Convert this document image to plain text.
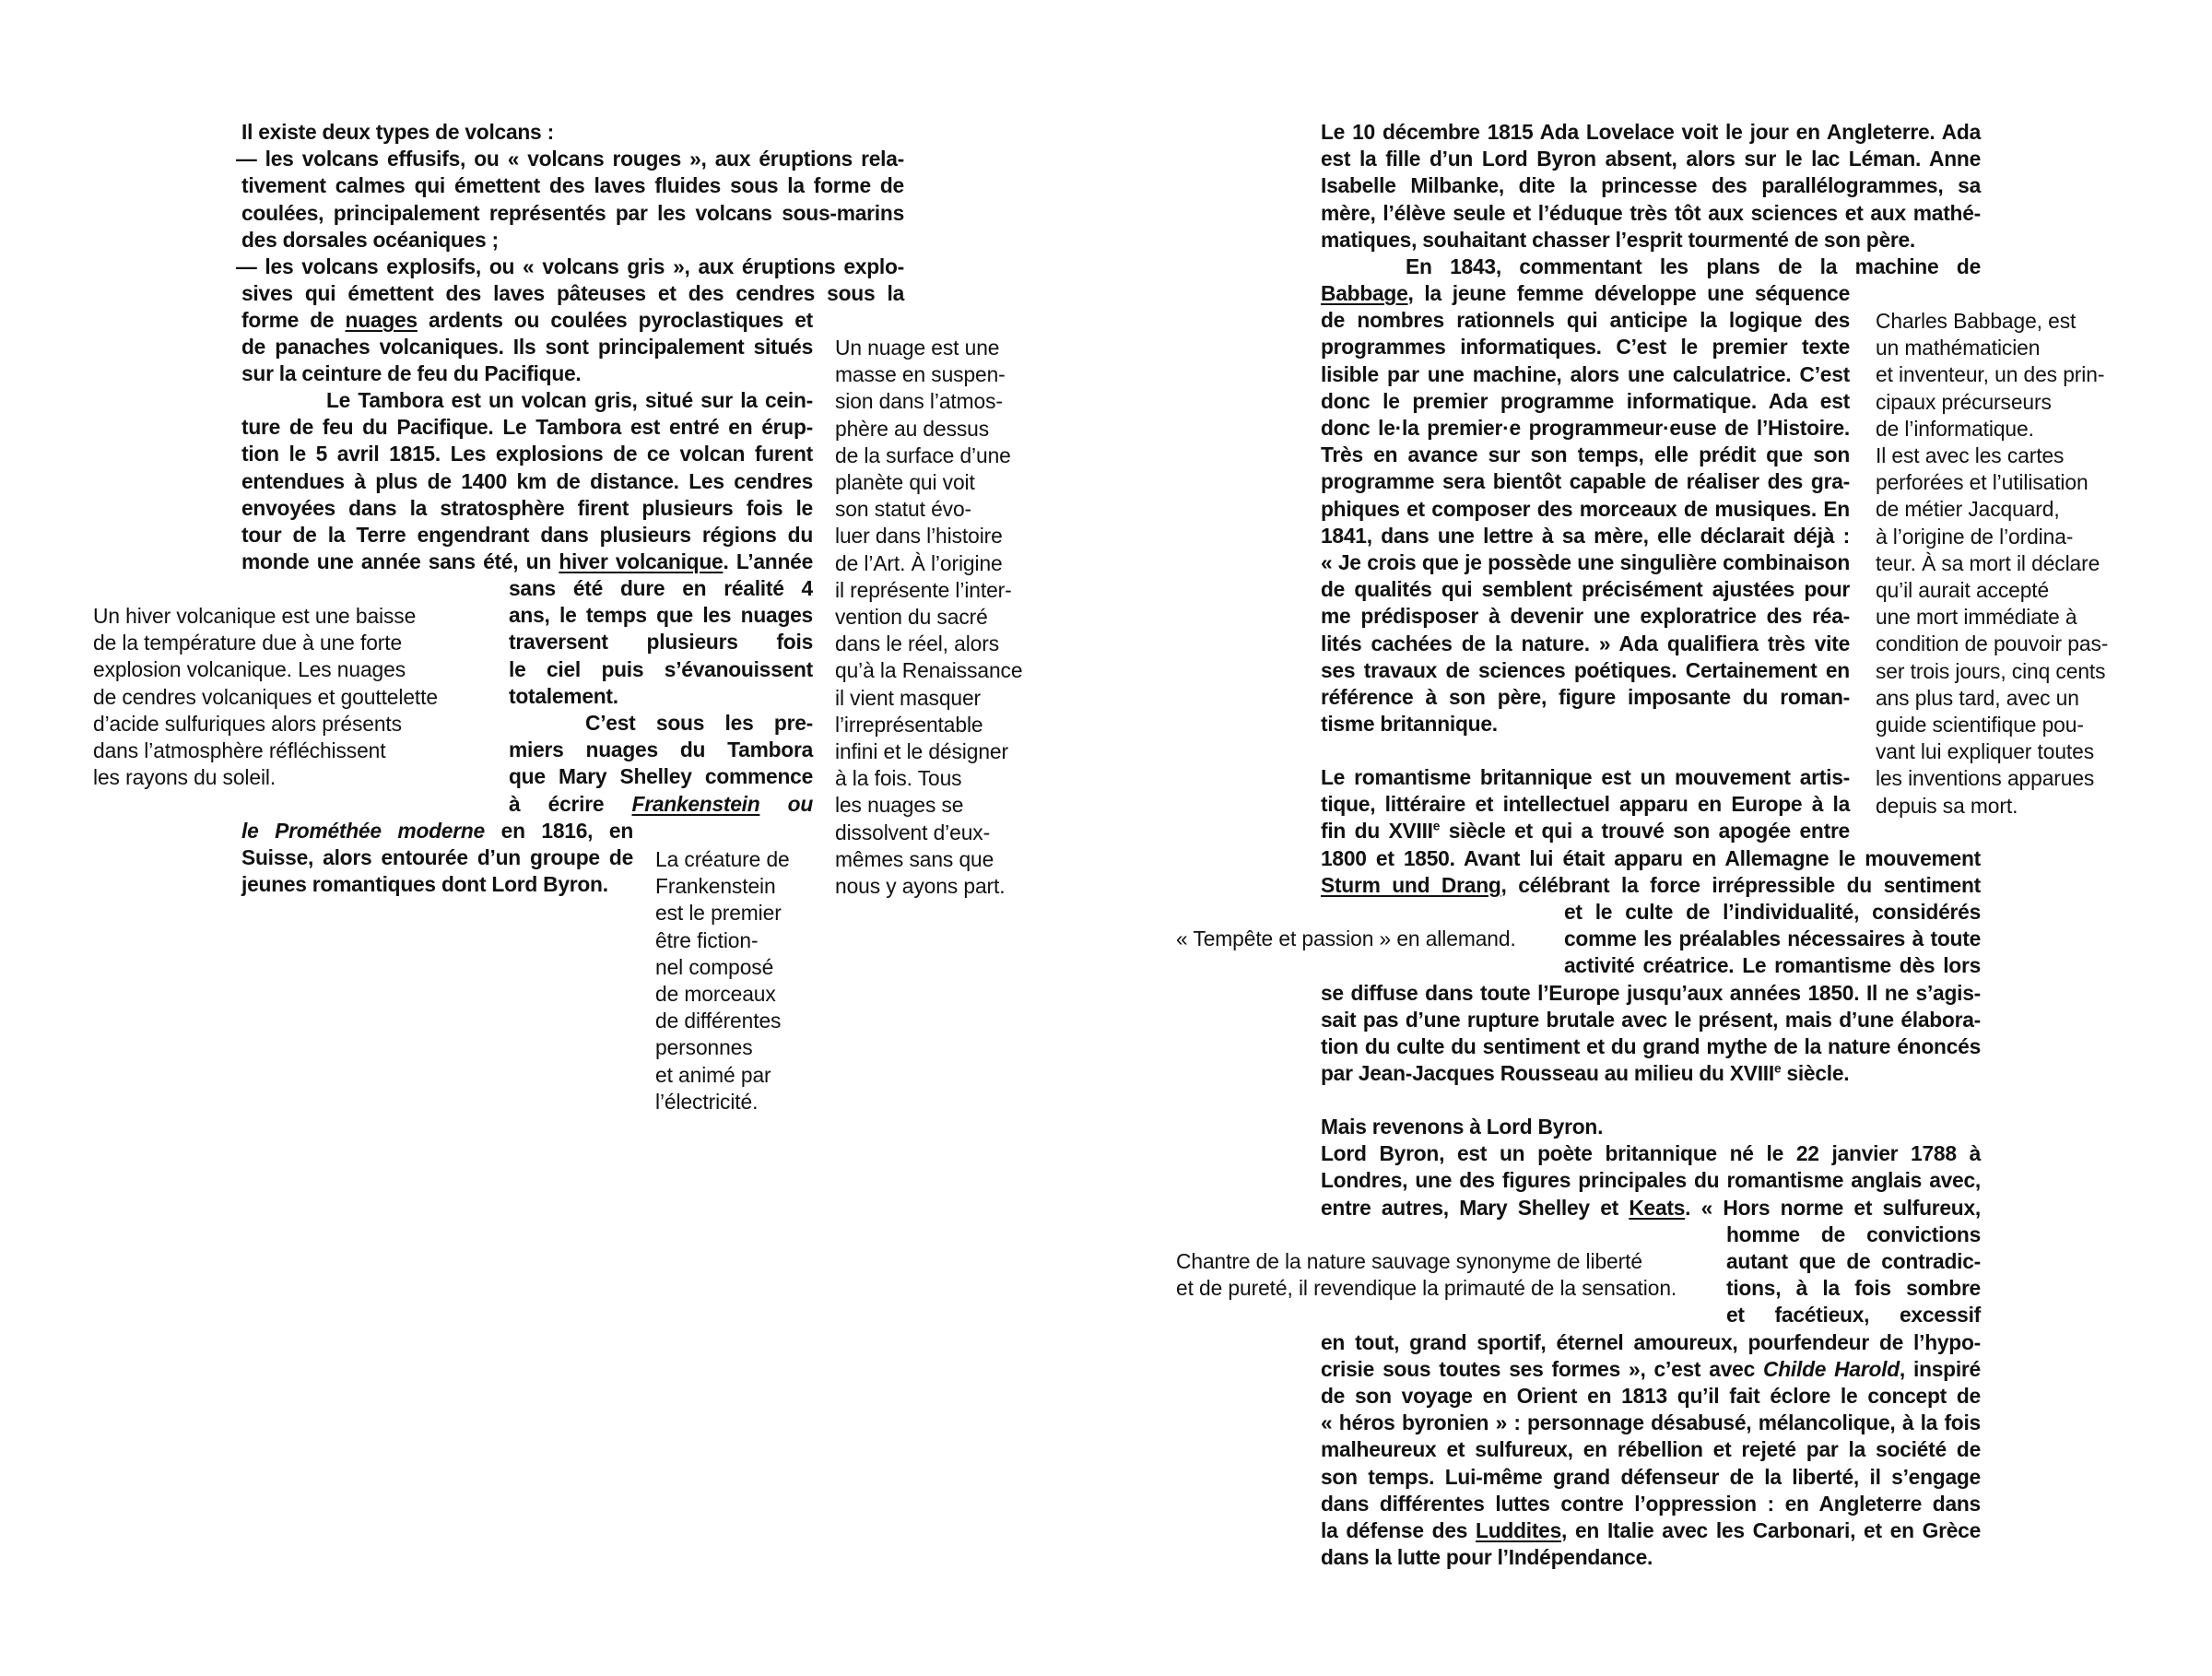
Il existe deux types de volcans :
— les volcans effusifs, ou « volcans rouges », aux éruptions rela-
tivement calmes qui émettent des laves fluides sous la forme de
coulées, principalement représentés par les volcans sous-marins
des dorsales océaniques ;
— les volcans explosifs, ou « volcans gris », aux éruptions explo-
sives qui émettent des laves pâteuses et des cendres sous la
forme de nuages ardents ou coulées pyroclastiques et
de panaches volcaniques. Ils sont principalement situés
sur la ceinture de feu du Pacifique.
Le Tambora est un volcan gris, situé sur la cein-
ture de feu du Pacifique. Le Tambora est entré en érup-
tion le 5 avril 1815. Les explosions de ce volcan furent
entendues à plus de 1400 km de distance. Les cendres
envoyées dans la stratosphère firent plusieurs fois le
tour de la Terre engendrant dans plusieurs régions du
monde une année sans été, un hiver volcanique. L’année
sans été dure en réalité 4
ans, le temps que les nuages
traversent plusieurs fois
le ciel puis s’évanouissent
totalement.
C’est sous les pre-
miers nuages du Tambora
que Mary Shelley commence
à écrire Frankenstein ou
le Prométhée moderne en 1816, en
Suisse, alors entourée d’un groupe de
jeunes romantiques dont Lord Byron.
Un hiver volcanique est une baisse
de la température due à une forte
explosion volcanique. Les nuages
de cendres volcaniques et gouttelette
d’acide sulfuriques alors présents
dans l’atmosphère réfléchissent
les rayons du soleil.
Un nuage est une
masse en suspen-
sion dans l’atmos-
phère au dessus
de la surface d’une
planète qui voit
son statut évo-
luer dans l’histoire
de l’Art. À l’origine
il représente l’inter-
vention du sacré
dans le réel, alors
qu’à la Renaissance
il vient masquer
l’irreprésentable
infini et le désigner
à la fois. Tous
les nuages se
dissolvent d’eux-
mêmes sans que
nous y ayons part.
La créature de
Frankenstein
est le premier
être fiction-
nel composé
de morceaux
de différentes
personnes
et animé par
l’électricité.
Le 10 décembre 1815 Ada Lovelace voit le jour en Angleterre. Ada
est la fille d’un Lord Byron absent, alors sur le lac Léman. Anne
Isabelle Milbanke, dite la princesse des parallélogrammes, sa
mère, l’élève seule et l’éduque très tôt aux sciences et aux mathé-
matiques, souhaitant chasser l’esprit tourmenté de son père.
En 1843, commentant les plans de la machine de
Babbage, la jeune femme développe une séquence
de nombres rationnels qui anticipe la logique des
programmes informatiques. C’est le premier texte
lisible par une machine, alors une calculatrice. C’est
donc le premier programme informatique. Ada est
donc le·la premier·e programmeur·euse de l’Histoire.
Très en avance sur son temps, elle prédit que son
programme sera bientôt capable de réaliser des gra-
phiques et composer des morceaux de musiques. En
1841, dans une lettre à sa mère, elle déclarait déjà :
« Je crois que je possède une singulière combinaison
de qualités qui semblent précisément ajustées pour
me prédisposer à devenir une exploratrice des réa-
lités cachées de la nature. » Ada qualifiera très vite
ses travaux de sciences poétiques. Certainement en
référence à son père, figure imposante du roman-
tisme britannique.
Le romantisme britannique est un mouvement artis-
tique, littéraire et intellectuel apparu en Europe à la
fin du XVIIIe siècle et qui a trouvé son apogée entre
1800 et 1850. Avant lui était apparu en Allemagne le mouvement
Sturm und Drang, célébrant la force irrépressible du sentiment
et le culte de l’individualité, considérés
comme les préalables nécessaires à toute
activité créatrice. Le romantisme dès lors
se diffuse dans toute l’Europe jusqu’aux années 1850. Il ne s’agis-
sait pas d’une rupture brutale avec le présent, mais d’une élabora-
tion du culte du sentiment et du grand mythe de la nature énoncés
par Jean-Jacques Rousseau au milieu du XVIIIe siècle.
Mais revenons à Lord Byron.
Lord Byron, est un poète britannique né le 22 janvier 1788 à
Londres, une des figures principales du romantisme anglais avec,
entre autres, Mary Shelley et Keats. « Hors norme et sulfureux,
homme de convictions
autant que de contradic-
tions, à la fois sombre
et facétieux, excessif
en tout, grand sportif, éternel amoureux, pourfendeur de l’hypo-
crisie sous toutes ses formes », c’est avec Childe Harold, inspiré
de son voyage en Orient en 1813 qu’il fait éclore le concept de
« héros byronien » : personnage désabusé, mélancolique, à la fois
malheureux et sulfureux, en rébellion et rejeté par la société de
son temps. Lui-même grand défenseur de la liberté, il s’engage
dans différentes luttes contre l’oppression : en Angleterre dans
la défense des Luddites, en Italie avec les Carbonari, et en Grèce
dans la lutte pour l’Indépendance.
Charles Babbage, est
un mathématicien
et inventeur, un des prin-
cipaux précurseurs
de l’informatique.
Il est avec les cartes
perforées et l’utilisation
de métier Jacquard,
à l’origine de l’ordina-
teur. À sa mort il déclare
qu’il aurait accepté
une mort immédiate à
condition de pouvoir pas-
ser trois jours, cinq cents
ans plus tard, avec un
guide scientifique pou-
vant lui expliquer toutes
les inventions apparues
depuis sa mort.
« Tempête et passion » en allemand.
Chantre de la nature sauvage synonyme de liberté
et de pureté, il revendique la primauté de la sensation.
